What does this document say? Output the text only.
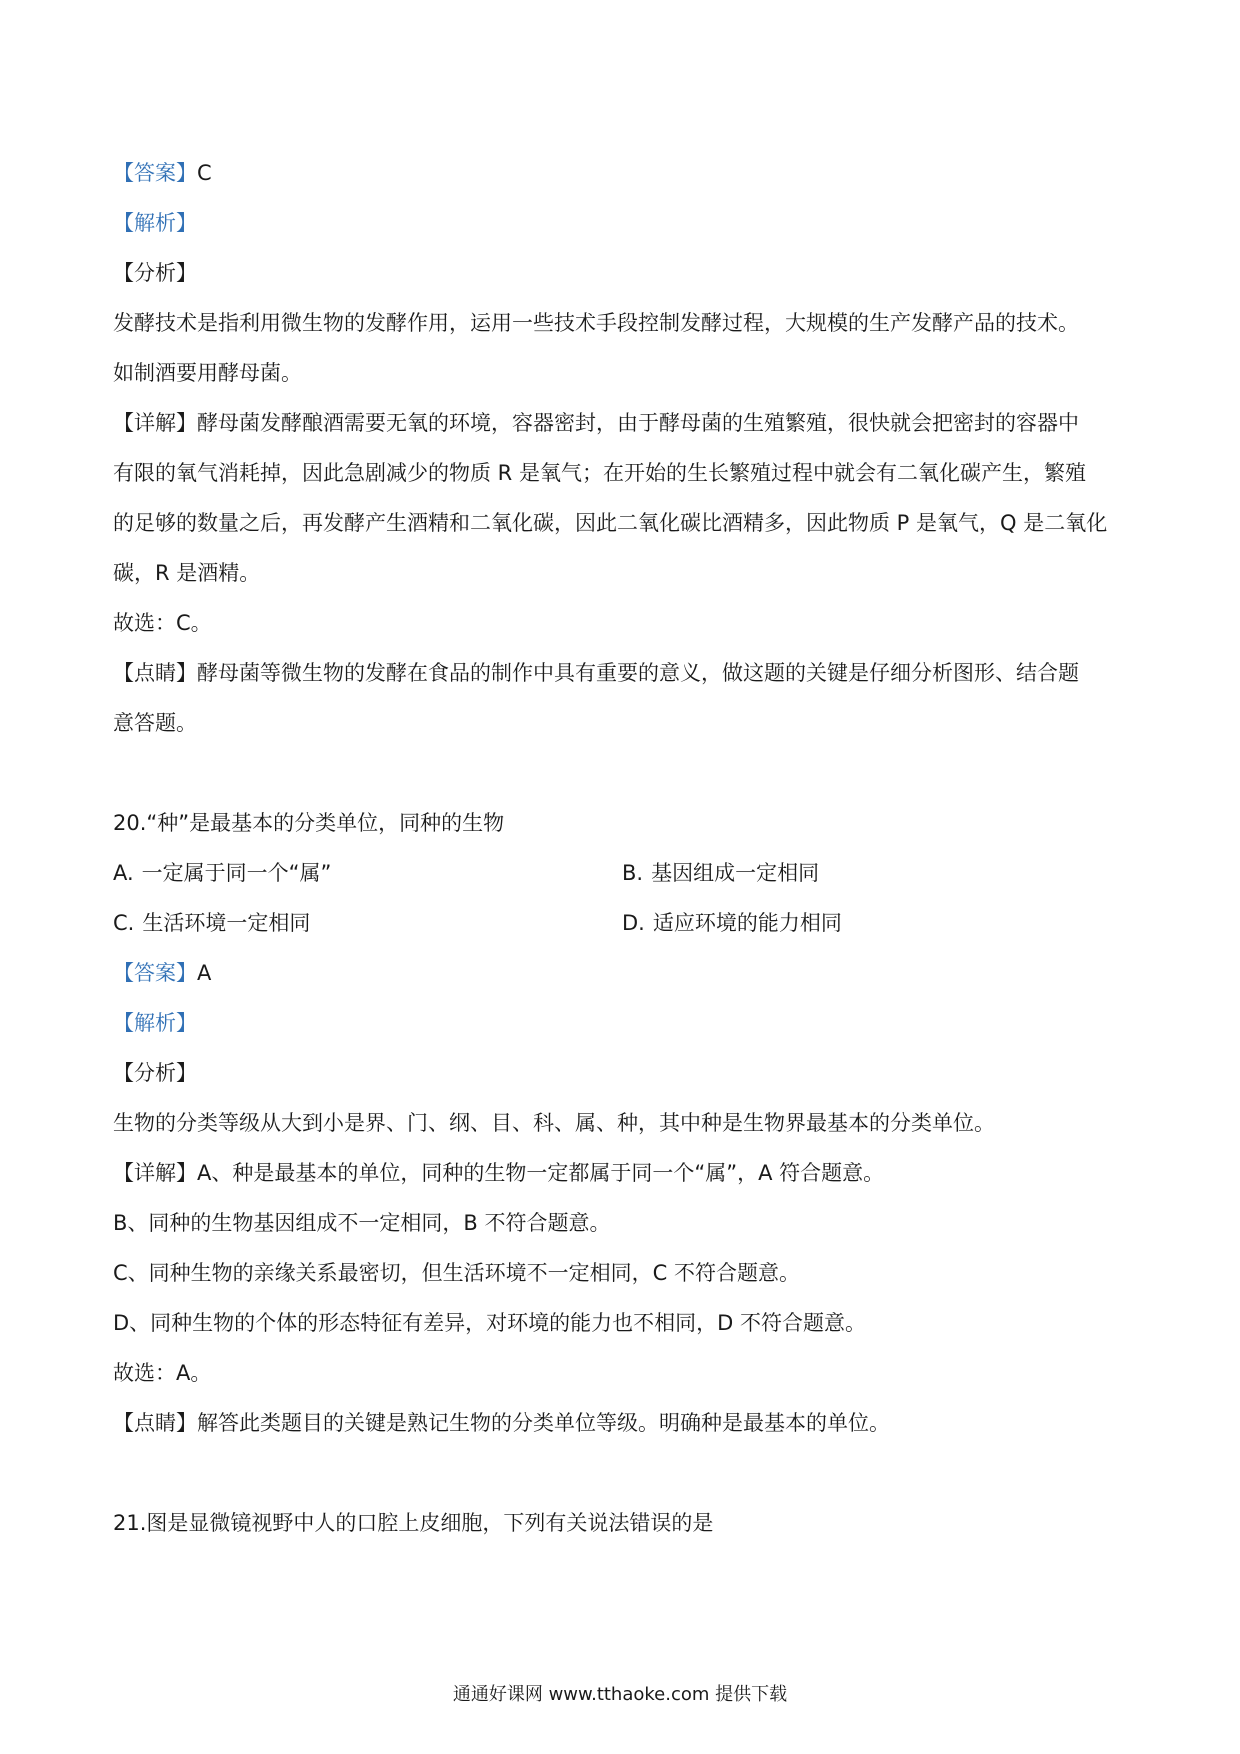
【答案】C
【解析】
【分析】
发酵技术是指利用微生物的发酵作用，运用一些技术手段控制发酵过程，大规模的生产发酵产品的技术。
如制酒要用酵母菌。
【详解】酵母菌发酵酿酒需要无氧的环境，容器密封，由于酵母菌的生殖繁殖，很快就会把密封的容器中
有限的氧气消耗掉，因此急剧减少的物质 R 是氧气；在开始的生长繁殖过程中就会有二氧化碳产生，繁殖
的足够的数量之后，再发酵产生酒精和二氧化碳，因此二氧化碳比酒精多，因此物质 P 是氧气，Q 是二氧化
碳，R 是酒精。
故选：C。
【点睛】酵母菌等微生物的发酵在食品的制作中具有重要的意义，做这题的关键是仔细分析图形、结合题
意答题。
20.“种”是最基本的分类单位，同种的生物
A. 一定属于同一个“属”	B. 基因组成一定相同
C. 生活环境一定相同	D. 适应环境的能力相同
【答案】A
【解析】
【分析】
生物的分类等级从大到小是界、门、纲、目、科、属、种，其中种是生物界最基本的分类单位。
【详解】A、种是最基本的单位，同种的生物一定都属于同一个“属”，A 符合题意。
B、同种的生物基因组成不一定相同，B 不符合题意。
C、同种生物的亲缘关系最密切，但生活环境不一定相同，C 不符合题意。
D、同种生物的个体的形态特征有差异，对环境的能力也不相同，D 不符合题意。
故选：A。
【点睛】解答此类题目的关键是熟记生物的分类单位等级。明确种是最基本的单位。
21.图是显微镜视野中人的口腔上皮细胞，下列有关说法错误的是
通通好课网 www.tthaoke.com 提供下载
